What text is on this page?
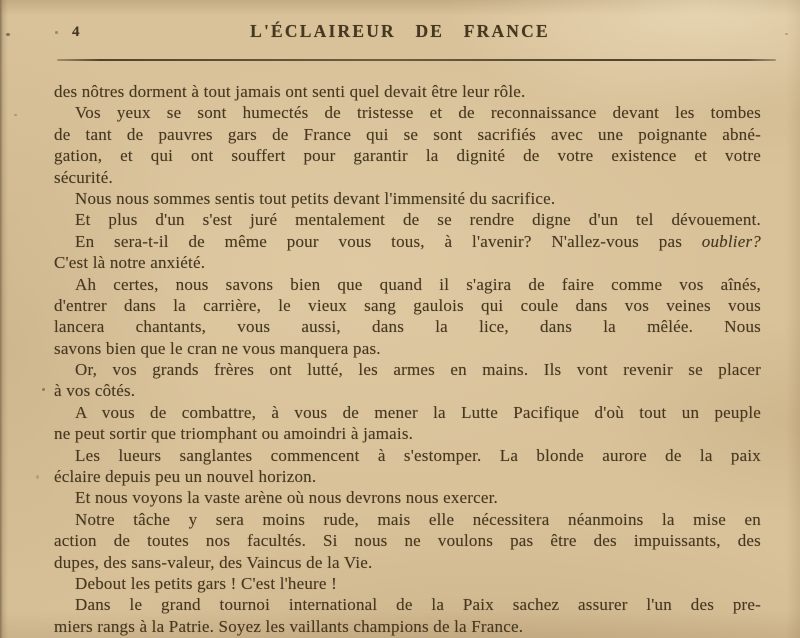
4	L'ÉCLAIREUR DE FRANCE
des nôtres dorment à tout jamais ont senti quel devait être leur rôle.
Vos yeux se sont humectés de tristesse et de reconnaissance devant les tombes
de tant de pauvres gars de France qui se sont sacrifiés avec une poignante abné-
gation, et qui ont souffert pour garantir la dignité de votre existence et votre
sécurité.
Nous nous sommes sentis tout petits devant l'immensité du sacrifice.
Et plus d'un s'est juré mentalement de se rendre digne d'un tel dévouement.
En sera-t-il de même pour vous tous, à l'avenir? N'allez-vous pas oublier?
C'est là notre anxiété.
Ah certes, nous savons bien que quand il s'agira de faire comme vos aînés,
d'entrer dans la carrière, le vieux sang gaulois qui coule dans vos veines vous
lancera chantants, vous aussi, dans la lice, dans la mêlée. Nous
savons bien que le cran ne vous manquera pas.
Or, vos grands frères ont lutté, les armes en mains. Ils vont revenir se placer
à vos côtés.
A vous de combattre, à vous de mener la Lutte Pacifique d'où tout un peuple
ne peut sortir que triomphant ou amoindri à jamais.
Les lueurs sanglantes commencent à s'estomper. La blonde aurore de la paix
éclaire depuis peu un nouvel horizon.
Et nous voyons la vaste arène où nous devrons nous exercer.
Notre tâche y sera moins rude, mais elle nécessitera néanmoins la mise en
action de toutes nos facultés. Si nous ne voulons pas être des impuissants, des
dupes, des sans-valeur, des Vaincus de la Vie.
Debout les petits gars ! C'est l'heure !
Dans le grand tournoi international de la Paix sachez assurer l'un des pre-
miers rangs à la Patrie. Soyez les vaillants champions de la France.
